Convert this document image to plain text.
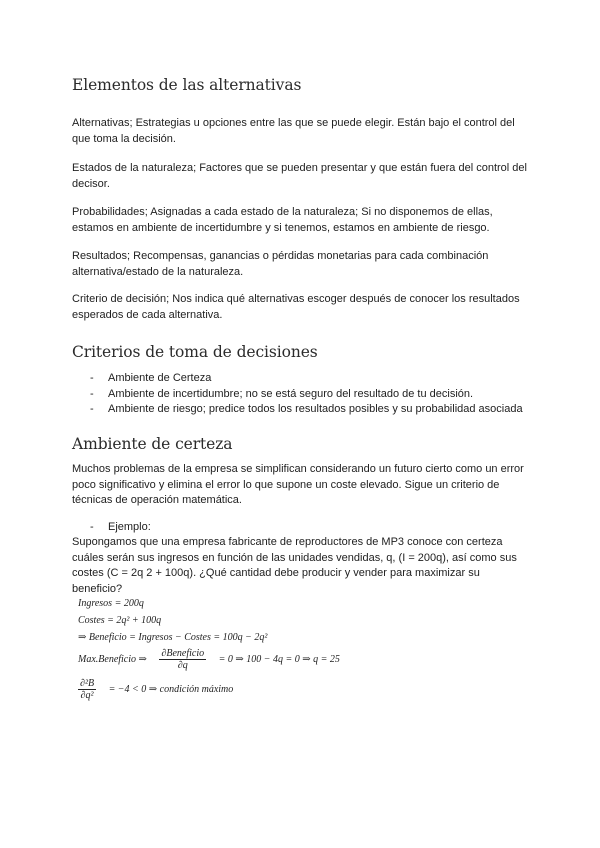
Elementos de las alternativas

Alternativas; Estrategias u opciones entre las que se puede elegir. Están bajo el control del que toma la decisión.

Estados de la naturaleza; Factores que se pueden presentar y que están fuera del control del decisor.

Probabilidades; Asignadas a cada estado de la naturaleza; Si no disponemos de ellas, estamos en ambiente de incertidumbre y si tenemos, estamos en ambiente de riesgo.

Resultados; Recompensas, ganancias o pérdidas monetarias para cada combinación alternativa/estado de la naturaleza.

Criterio de decisión; Nos indica qué alternativas escoger después de conocer los resultados esperados de cada alternativa.

Criterios de toma de decisiones
- Ambiente de Certeza
- Ambiente de incertidumbre; no se está seguro del resultado de tu decisión.
- Ambiente de riesgo; predice todos los resultados posibles y su probabilidad asociada
Ambiente de certeza

Muchos problemas de la empresa se simplifican considerando un futuro cierto como un error poco significativo y elimina el error lo que supone un coste elevado. Sigue un criterio de técnicas de operación matemática.

- Ejemplo:

Supongamos que una empresa fabricante de reproductores de MP3 conoce con certeza cuáles serán sus ingresos en función de las unidades vendidas, q, (I = 200q), así como sus costes (C = 2q 2 + 100q). ¿Qué cantidad debe producir y vender para maximizar su beneficio?

Ingresos = 200q
Costes = 2q² + 100q
⇒ Beneficio = Ingresos − Costes = 100q − 2q²
Max.Beneficio ⇒ $\frac{\text{∂Beneficio}}{\partial q} = 0$ ⇒ 100 − 4q = 0 ⇒ q = 25
$\frac{\text{∂²B}}{\text{∂q²}} = -4 < 0$ ⇒ condición máximo
